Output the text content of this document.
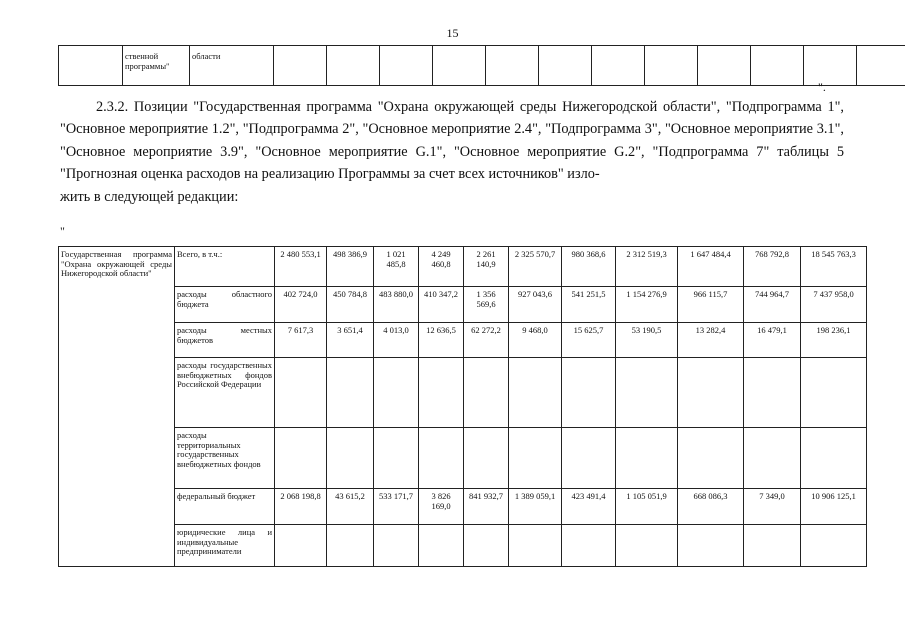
15
	ственной программы"	области												
".
2.3.2. Позиции "Государственная программа "Охрана окружающей среды Нижегородской области", "Подпрограмма 1", "Основное мероприятие 1.2", "Подпрограмма 2", "Основное мероприятие 2.4", "Подпрограмма 3", "Основное мероприятие 3.1", "Основное мероприятие 3.9", "Основное мероприятие G.1", "Основное мероприятие G.2", "Подпрограмма 7" таблицы 5 "Прогнозная оценка расходов на реализацию Программы за счет всех источников" изло-
жить в следующей редакции:
"
Государственная программа "Охрана окружающей среды Нижегородской области"	Всего, в т.ч.:	2 480 553,1	498 386,9	1 021 485,8	4 249 460,8	2 261 140,9	2 325 570,7	980 368,6	2 312 519,3	1 647 484,4	768 792,8	18 545 763,3
	расходы областного бюджета	402 724,0	450 784,8	483 880,0	410 347,2	1 356 569,6	927 043,6	541 251,5	1 154 276,9	966 115,7	744 964,7	7 437 958,0
	расходы местных бюджетов	7 617,3	3 651,4	4 013,0	12 636,5	62 272,2	9 468,0	15 625,7	53 190,5	13 282,4	16 479,1	198 236,1
	расходы государственных внебюджетных фондов Российской Федерации											
	расходы территориальных государственных внебюджетных фондов											
	федеральный бюджет	2 068 198,8	43 615,2	533 171,7	3 826 169,0	841 932,7	1 389 059,1	423 491,4	1 105 051,9	668 086,3	7 349,0	10 906 125,1
	юридические лица и индивидуальные предприниматели											
